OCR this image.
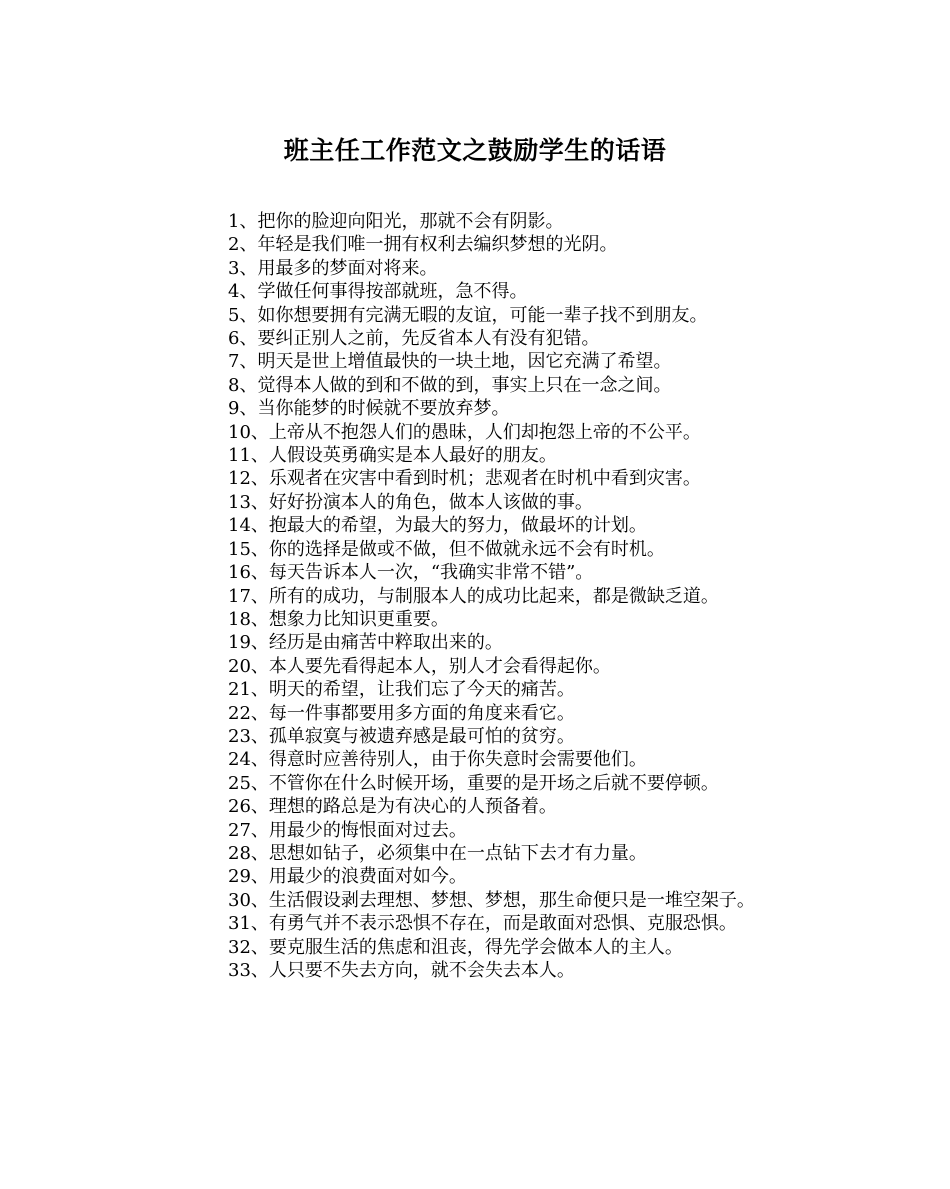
班主任工作范文之鼓励学生的话语
1、把你的脸迎向阳光，那就不会有阴影。
2、年轻是我们唯一拥有权利去编织梦想的光阴。
3、用最多的梦面对将来。
4、学做任何事得按部就班，急不得。
5、如你想要拥有完满无暇的友谊，可能一辈子找不到朋友。
6、要纠正别人之前，先反省本人有没有犯错。
7、明天是世上增值最快的一块土地，因它充满了希望。
8、觉得本人做的到和不做的到，事实上只在一念之间。
9、当你能梦的时候就不要放弃梦。
10、上帝从不抱怨人们的愚昧，人们却抱怨上帝的不公平。
11、人假设英勇确实是本人最好的朋友。
12、乐观者在灾害中看到时机；悲观者在时机中看到灾害。
13、好好扮演本人的角色，做本人该做的事。
14、抱最大的希望，为最大的努力，做最坏的计划。
15、你的选择是做或不做，但不做就永远不会有时机。
16、每天告诉本人一次，“我确实非常不错”。
17、所有的成功，与制服本人的成功比起来，都是微缺乏道。
18、想象力比知识更重要。
19、经历是由痛苦中粹取出来的。
20、本人要先看得起本人，别人才会看得起你。
21、明天的希望，让我们忘了今天的痛苦。
22、每一件事都要用多方面的角度来看它。
23、孤单寂寞与被遗弃感是最可怕的贫穷。
24、得意时应善待别人，由于你失意时会需要他们。
25、不管你在什么时候开场，重要的是开场之后就不要停顿。
26、理想的路总是为有决心的人预备着。
27、用最少的悔恨面对过去。
28、思想如钻子，必须集中在一点钻下去才有力量。
29、用最少的浪费面对如今。
30、生活假设剥去理想、梦想、梦想，那生命便只是一堆空架子。
31、有勇气并不表示恐惧不存在，而是敢面对恐惧、克服恐惧。
32、要克服生活的焦虑和沮丧，得先学会做本人的主人。
33、人只要不失去方向，就不会失去本人。
